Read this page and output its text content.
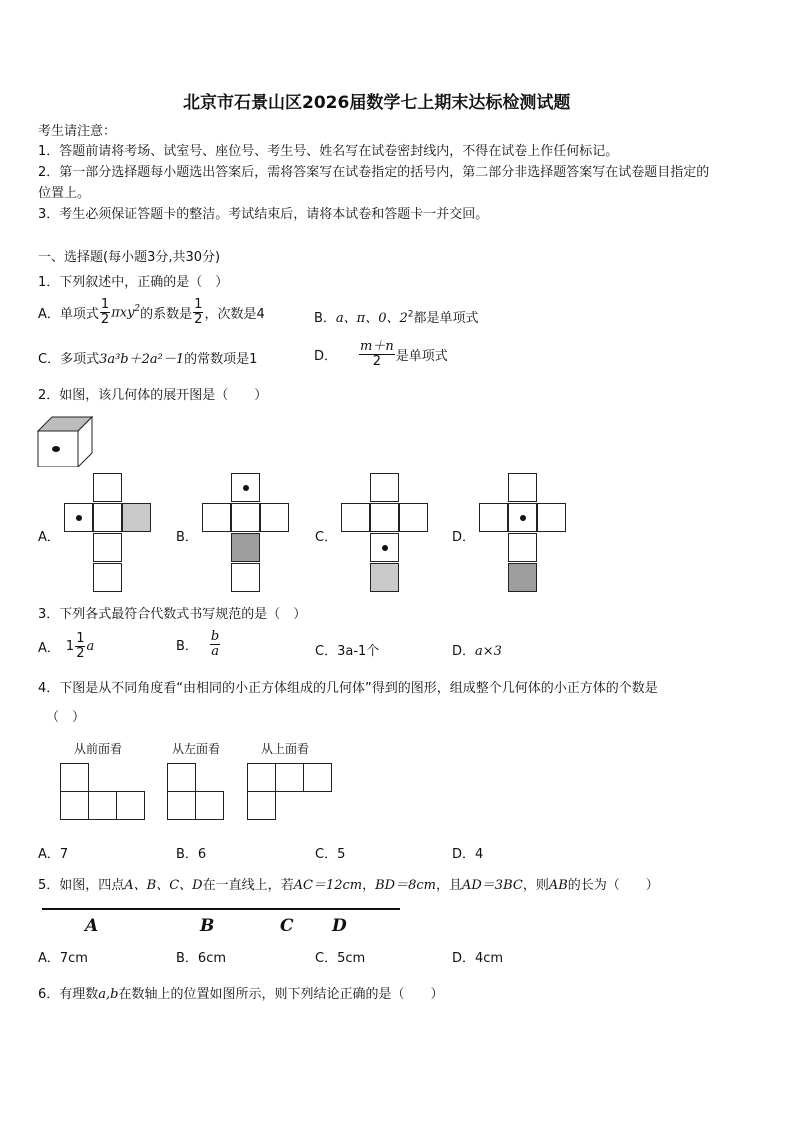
北京市石景山区2026届数学七上期末达标检测试题
考生请注意：
1．答题前请将考场、试室号、座位号、考生号、姓名写在试卷密封线内，不得在试卷上作任何标记。
2．第一部分选择题每小题选出答案后，需将答案写在试卷指定的括号内，第二部分非选择题答案写在试卷题目指定的
位置上。
3．考生必须保证答题卡的整洁。考试结束后，请将本试卷和答题卡一并交回。
一、选择题(每小题3分,共30分)
1．下列叙述中，正确的是（　）
A．单项式 $\frac{1}{2} \pi xy^2$ 的系数是 $\frac{1}{2}$ ，次数是4	B．a、π、0、$2^2$都是单项式
C．多项式3a³b＋2a²－1的常数项是1	D． $\frac{m+n}{2}$ 是单项式
2．如图，该几何体的展开图是（　　）
A．	B．	C．	D．
3．下列各式最符合代数式书写规范的是（　）
A． $1 \frac{1}{2}$ a	B． $\frac{b}{a}$	C．3a-1个	D．a×3
4．下图是从不同角度看“由相同的小正方体组成的几何体”得到的图形，组成整个几何体的小正方体的个数是
（　）
从前面看	从左面看	从上面看
A．7	B．6	C．5	D．4
5．如图，四点A、B、C、D在一直线上，若AC＝12cm，BD＝8cm，且AD＝3BC，则AB的长为（　　）
A	B	C D
A．7cm	B．6cm	C．5cm	D．4cm
6．有理数a,b在数轴上的位置如图所示，则下列结论正确的是（　　）
